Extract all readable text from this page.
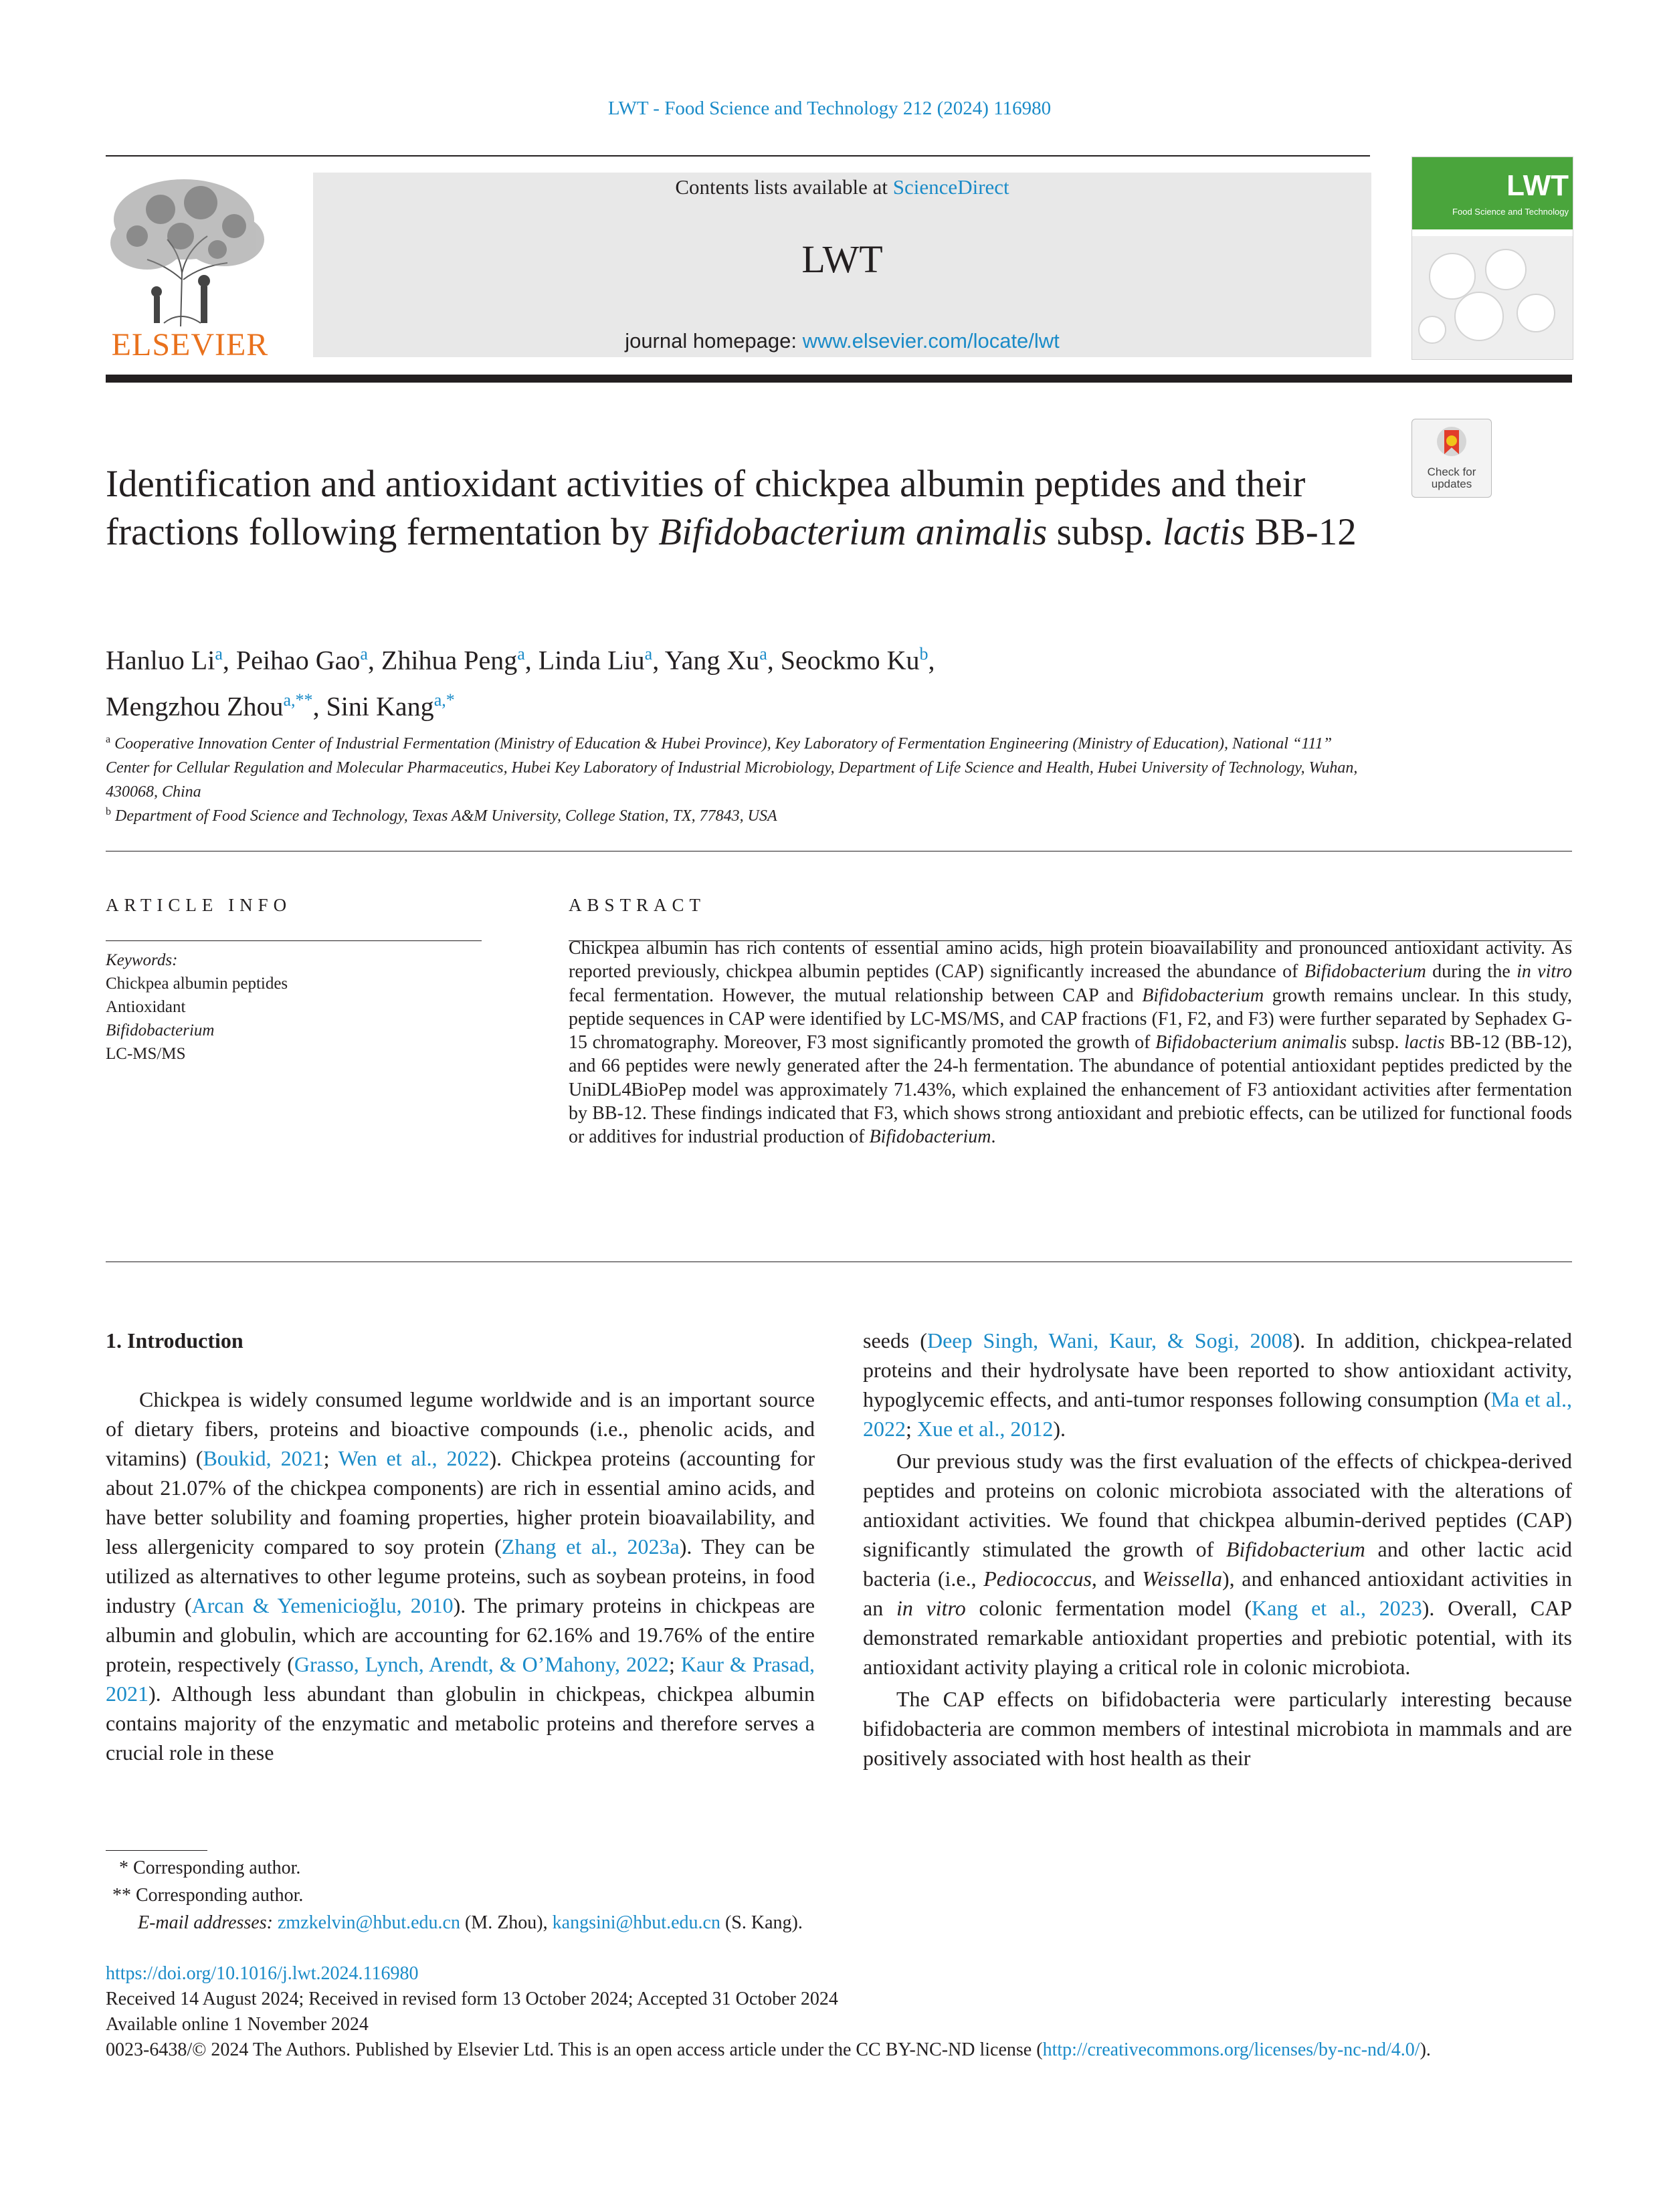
LWT - Food Science and Technology 212 (2024) 116980
ELSEVIER
Contents lists available at ScienceDirect
LWT
journal homepage: www.elsevier.com/locate/lwt
LWT
Food Science and Technology
Check for updates
Identification and antioxidant activities of chickpea albumin peptides and their fractions following fermentation by Bifidobacterium animalis subsp. lactis BB-12
Hanluo Li$^a$, Peihao Gao$^a$, Zhihua Peng$^a$, Linda Liu$^a$, Yang Xu$^a$, Seockmo Ku$^b$,
Mengzhou Zhou$^{a,**}$, Sini Kang$^{a,*}$
$^a$ Cooperative Innovation Center of Industrial Fermentation (Ministry of Education & Hubei Province), Key Laboratory of Fermentation Engineering (Ministry of Education), National “111” Center for Cellular Regulation and Molecular Pharmaceutics, Hubei Key Laboratory of Industrial Microbiology, Department of Life Science and Health, Hubei University of Technology, Wuhan, 430068, China
$^b$ Department of Food Science and Technology, Texas A&M University, College Station, TX, 77843, USA
ARTICLE INFO
Keywords:
Chickpea albumin peptides
Antioxidant
Bifidobacterium
LC-MS/MS
ABSTRACT
Chickpea albumin has rich contents of essential amino acids, high protein bioavailability and pronounced antioxidant activity. As reported previously, chickpea albumin peptides (CAP) significantly increased the abundance of Bifidobacterium during the in vitro fecal fermentation. However, the mutual relationship between CAP and Bifidobacterium growth remains unclear. In this study, peptide sequences in CAP were identified by LC-MS/MS, and CAP fractions (F1, F2, and F3) were further separated by Sephadex G-15 chromatography. Moreover, F3 most significantly promoted the growth of Bifidobacterium animalis subsp. lactis BB-12 (BB-12), and 66 peptides were newly generated after the 24-h fermentation. The abundance of potential antioxidant peptides predicted by the UniDL4BioPep model was approximately 71.43%, which explained the enhancement of F3 antioxidant activities after fermentation by BB-12. These findings indicated that F3, which shows strong antioxidant and prebiotic effects, can be utilized for functional foods or additives for industrial production of Bifidobacterium.
1. Introduction

Chickpea is widely consumed legume worldwide and is an important source of dietary fibers, proteins and bioactive compounds (i.e., phenolic acids, and vitamins) (Boukid, 2021; Wen et al., 2022). Chickpea proteins (accounting for about 21.07% of the chickpea components) are rich in essential amino acids, and have better solubility and foaming properties, higher protein bioavailability, and less allergenicity compared to soy protein (Zhang et al., 2023a). They can be utilized as alternatives to other legume proteins, such as soybean proteins, in food industry (Arcan & Yemenicioğlu, 2010). The primary proteins in chickpeas are albumin and globulin, which are accounting for 62.16% and 19.76% of the entire protein, respectively (Grasso, Lynch, Arendt, & O’Mahony, 2022; Kaur & Prasad, 2021). Although less abundant than globulin in chickpeas, chickpea albumin contains majority of the enzymatic and metabolic proteins and therefore serves a crucial role in these

seeds (Deep Singh, Wani, Kaur, & Sogi, 2008). In addition, chickpea-related proteins and their hydrolysate have been reported to show antioxidant activity, hypoglycemic effects, and anti-tumor responses following consumption (Ma et al., 2022; Xue et al., 2012).

Our previous study was the first evaluation of the effects of chickpea-derived peptides and proteins on colonic microbiota associated with the alterations of antioxidant activities. We found that chickpea albumin-derived peptides (CAP) significantly stimulated the growth of Bifidobacterium and other lactic acid bacteria (i.e., Pediococcus, and Weissella), and enhanced antioxidant activities in an in vitro colonic fermentation model (Kang et al., 2023). Overall, CAP demonstrated remarkable antioxidant properties and prebiotic potential, with its antioxidant activity playing a critical role in colonic microbiota.

The CAP effects on bifidobacteria were particularly interesting because bifidobacteria are common members of intestinal microbiota in mammals and are positively associated with host health as their

* Corresponding author.
** Corresponding author.
E-mail addresses: zmzkelvin@hbut.edu.cn (M. Zhou), kangsini@hbut.edu.cn (S. Kang).
https://doi.org/10.1016/j.lwt.2024.116980
Received 14 August 2024; Received in revised form 13 October 2024; Accepted 31 October 2024
Available online 1 November 2024
0023-6438/© 2024 The Authors. Published by Elsevier Ltd. This is an open access article under the CC BY-NC-ND license (http://creativecommons.org/licenses/by-nc-nd/4.0/).
